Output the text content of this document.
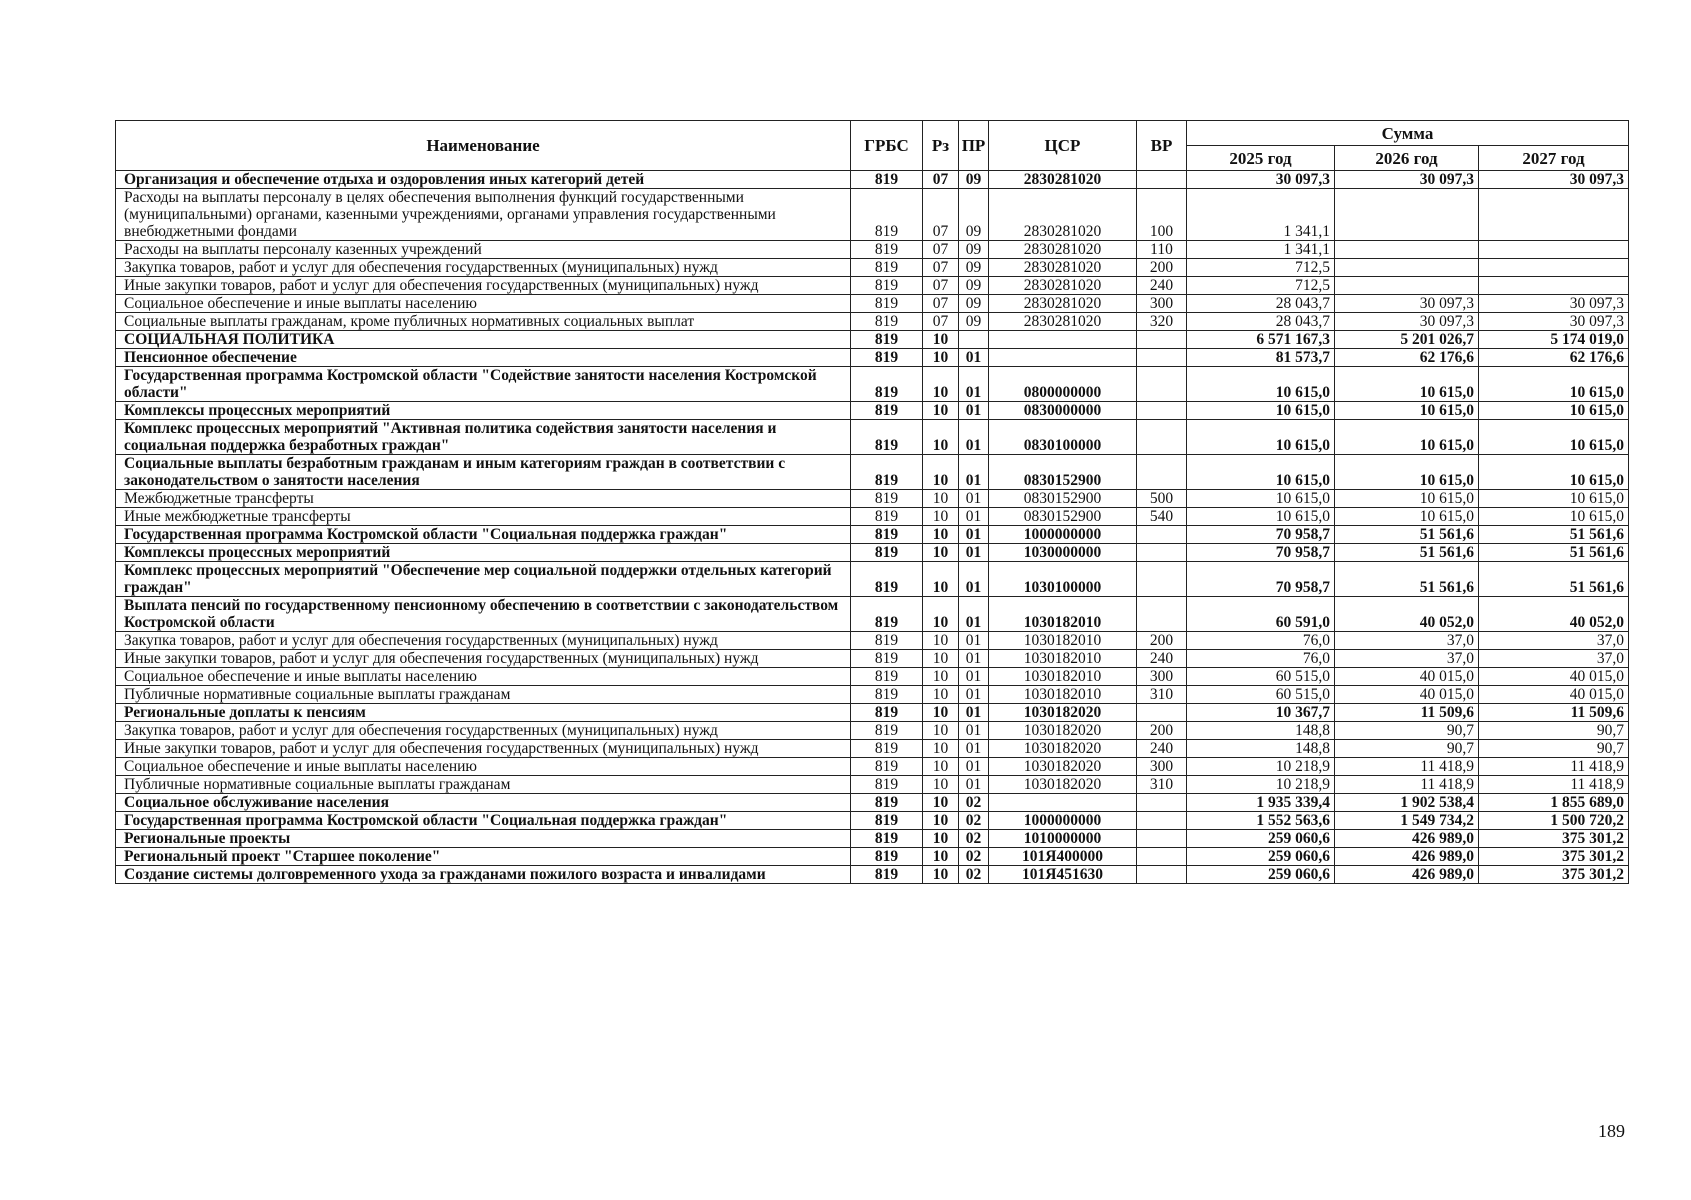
Наименование	ГРБС	Рз	ПР	ЦСР	ВР	Сумма		
						2025 год	2026 год	2027 год
Организация и обеспечение отдыха и оздоровления иных категорий детей	819	07	09	2830281020		30 097,3	30 097,3	30 097,3
Расходы на выплаты персоналу в целях обеспечения выполнения функций государственными (муниципальными) органами, казенными учреждениями, органами управления государственными внебюджетными фондами	819	07	09	2830281020	100	1 341,1		
Расходы на выплаты персоналу казенных учреждений	819	07	09	2830281020	110	1 341,1		
Закупка товаров, работ и услуг для обеспечения государственных (муниципальных) нужд	819	07	09	2830281020	200	712,5		
Иные закупки товаров, работ и услуг для обеспечения государственных (муниципальных) нужд	819	07	09	2830281020	240	712,5		
Социальное обеспечение и иные выплаты населению	819	07	09	2830281020	300	28 043,7	30 097,3	30 097,3
Социальные выплаты гражданам, кроме публичных нормативных социальных выплат	819	07	09	2830281020	320	28 043,7	30 097,3	30 097,3
СОЦИАЛЬНАЯ ПОЛИТИКА	819	10				6 571 167,3	5 201 026,7	5 174 019,0
Пенсионное обеспечение	819	10	01			81 573,7	62 176,6	62 176,6
Государственная программа Костромской области "Содействие занятости населения Костромской области"	819	10	01	0800000000		10 615,0	10 615,0	10 615,0
Комплексы процессных мероприятий	819	10	01	0830000000		10 615,0	10 615,0	10 615,0
Комплекс процессных мероприятий "Активная политика содействия занятости населения и социальная поддержка безработных граждан"	819	10	01	0830100000		10 615,0	10 615,0	10 615,0
Социальные выплаты безработным гражданам и иным категориям граждан в соответствии с законодательством о занятости населения	819	10	01	0830152900		10 615,0	10 615,0	10 615,0
Межбюджетные трансферты	819	10	01	0830152900	500	10 615,0	10 615,0	10 615,0
Иные межбюджетные трансферты	819	10	01	0830152900	540	10 615,0	10 615,0	10 615,0
Государственная программа Костромской области "Социальная поддержка граждан"	819	10	01	1000000000		70 958,7	51 561,6	51 561,6
Комплексы процессных мероприятий	819	10	01	1030000000		70 958,7	51 561,6	51 561,6
Комплекс процессных мероприятий "Обеспечение мер социальной поддержки отдельных категорий граждан"	819	10	01	1030100000		70 958,7	51 561,6	51 561,6
Выплата пенсий по государственному пенсионному обеспечению в соответствии с законодательством Костромской области	819	10	01	1030182010		60 591,0	40 052,0	40 052,0
Закупка товаров, работ и услуг для обеспечения государственных (муниципальных) нужд	819	10	01	1030182010	200	76,0	37,0	37,0
Иные закупки товаров, работ и услуг для обеспечения государственных (муниципальных) нужд	819	10	01	1030182010	240	76,0	37,0	37,0
Социальное обеспечение и иные выплаты населению	819	10	01	1030182010	300	60 515,0	40 015,0	40 015,0
Публичные нормативные социальные выплаты гражданам	819	10	01	1030182010	310	60 515,0	40 015,0	40 015,0
Региональные доплаты к пенсиям	819	10	01	1030182020		10 367,7	11 509,6	11 509,6
Закупка товаров, работ и услуг для обеспечения государственных (муниципальных) нужд	819	10	01	1030182020	200	148,8	90,7	90,7
Иные закупки товаров, работ и услуг для обеспечения государственных (муниципальных) нужд	819	10	01	1030182020	240	148,8	90,7	90,7
Социальное обеспечение и иные выплаты населению	819	10	01	1030182020	300	10 218,9	11 418,9	11 418,9
Публичные нормативные социальные выплаты гражданам	819	10	01	1030182020	310	10 218,9	11 418,9	11 418,9
Социальное обслуживание населения	819	10	02			1 935 339,4	1 902 538,4	1 855 689,0
Государственная программа Костромской области "Социальная поддержка граждан"	819	10	02	1000000000		1 552 563,6	1 549 734,2	1 500 720,2
Региональные проекты	819	10	02	1010000000		259 060,6	426 989,0	375 301,2
Региональный проект "Старшее поколение"	819	10	02	101Я400000		259 060,6	426 989,0	375 301,2
Создание системы долговременного ухода за гражданами пожилого возраста и инвалидами	819	10	02	101Я451630		259 060,6	426 989,0	375 301,2
189
